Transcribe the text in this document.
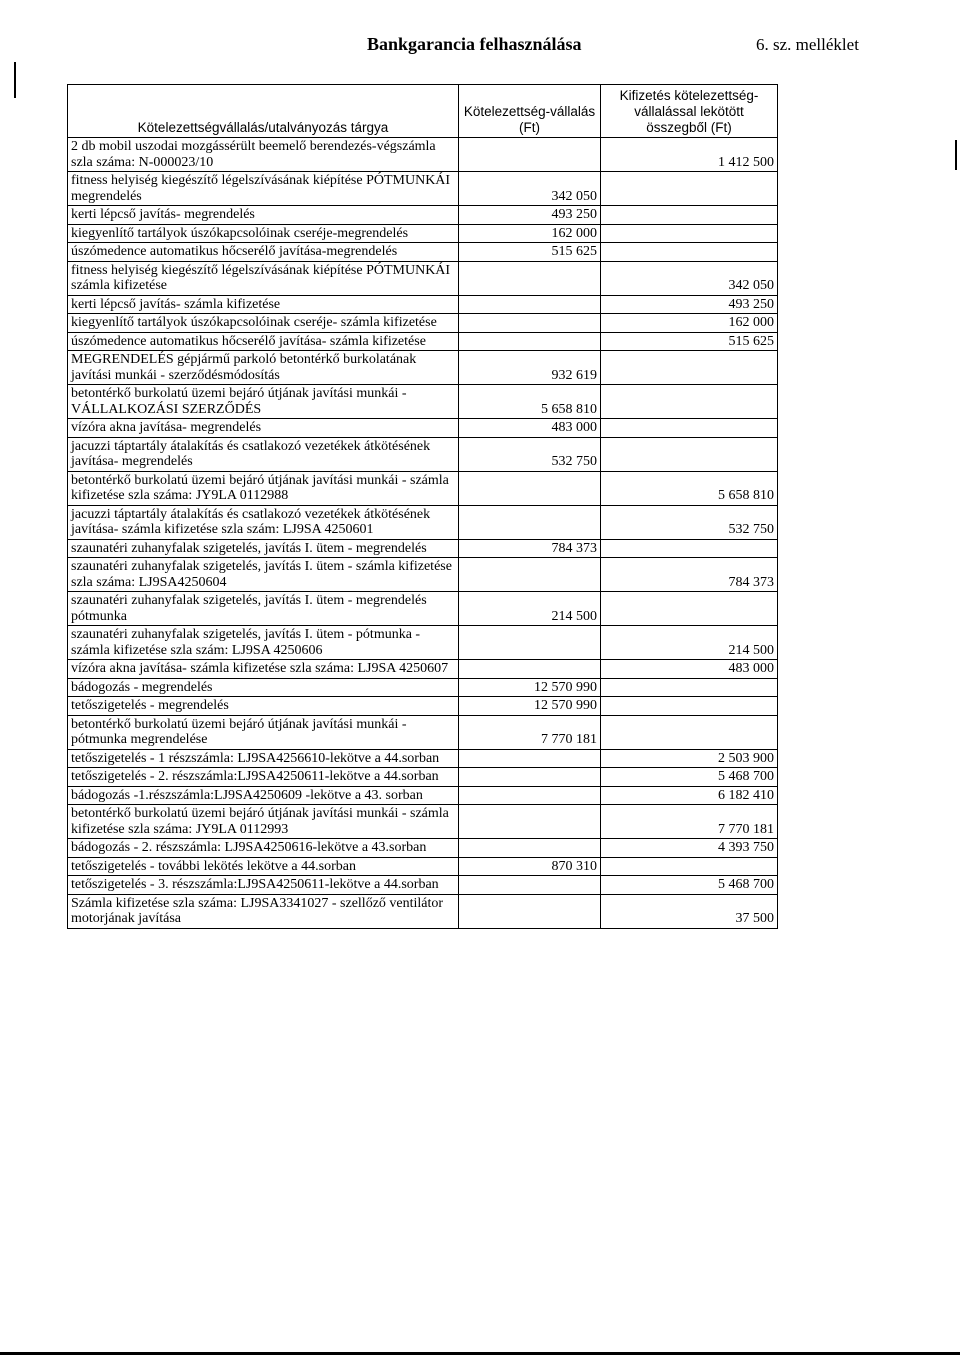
Bankgarancia felhasználása	6. sz. melléklet
Kötelezettségvállalás/utalványozás tárgya	Kötelezettség-vállalás (Ft)	Kifizetés kötelezettség-vállalással lekötött összegből (Ft)
2 db mobil uszodai mozgássérült beemelő berendezés-végszámla szla száma: N-000023/10		1 412 500
fitness helyiség kiegészítő légelszívásának kiépítése PÓTMUNKÁI megrendelés	342 050	
kerti lépcső javítás- megrendelés	493 250	
kiegyenlítő tartályok úszókapcsolóinak cseréje-megrendelés	162 000	
úszómedence automatikus hőcserélő javítása-megrendelés	515 625	
fitness helyiség kiegészítő légelszívásának kiépítése PÓTMUNKÁI számla kifizetése		342 050
kerti lépcső javítás- számla kifizetése		493 250
kiegyenlítő tartályok úszókapcsolóinak cseréje- számla kifizetése		162 000
úszómedence automatikus hőcserélő javítása- számla kifizetése		515 625
MEGRENDELÉS gépjármű parkoló betontérkő burkolatának javítási munkái - szerződésmódosítás	932 619	
betontérkő burkolatú üzemi bejáró útjának javítási munkái - VÁLLALKOZÁSI SZERZŐDÉS	5 658 810	
vízóra akna javítása- megrendelés	483 000	
jacuzzi táptartály átalakítás és csatlakozó vezetékek átkötésének javítása- megrendelés	532 750	
betontérkő burkolatú üzemi bejáró útjának javítási munkái - számla kifizetése szla száma: JY9LA 0112988		5 658 810
jacuzzi táptartály átalakítás és csatlakozó vezetékek átkötésének javítása- számla kifizetése szla szám: LJ9SA 4250601		532 750
szaunatéri zuhanyfalak szigetelés, javítás I. ütem - megrendelés	784 373	
szaunatéri zuhanyfalak szigetelés, javítás I. ütem - számla kifizetése szla száma: LJ9SA4250604		784 373
szaunatéri zuhanyfalak szigetelés, javítás I. ütem - megrendelés pótmunka	214 500	
szaunatéri zuhanyfalak szigetelés, javítás I. ütem - pótmunka - számla kifizetése szla szám: LJ9SA 4250606		214 500
vízóra akna javítása- számla kifizetése szla száma: LJ9SA 4250607		483 000
bádogozás - megrendelés	12 570 990	
tetőszigetelés - megrendelés	12 570 990	
betontérkő burkolatú üzemi bejáró útjának javítási munkái - pótmunka megrendelése	7 770 181	
tetőszigetelés - 1 részszámla: LJ9SA4256610-lekötve a 44.sorban		2 503 900
tetőszigetelés - 2. részszámla:LJ9SA4250611-lekötve a 44.sorban		5 468 700
bádogozás -1.részszámla:LJ9SA4250609 -lekötve a 43. sorban		6 182 410
betontérkő burkolatú üzemi bejáró útjának javítási munkái - számla kifizetése szla száma: JY9LA 0112993		7 770 181
bádogozás - 2. részszámla: LJ9SA4250616-lekötve a 43.sorban		4 393 750
tetőszigetelés - további lekötés lekötve a 44.sorban	870 310	
tetőszigetelés - 3. részszámla:LJ9SA4250611-lekötve a 44.sorban		5 468 700
Számla kifizetése szla száma: LJ9SA3341027 - szellőző ventilátor motorjának javítása		37 500
